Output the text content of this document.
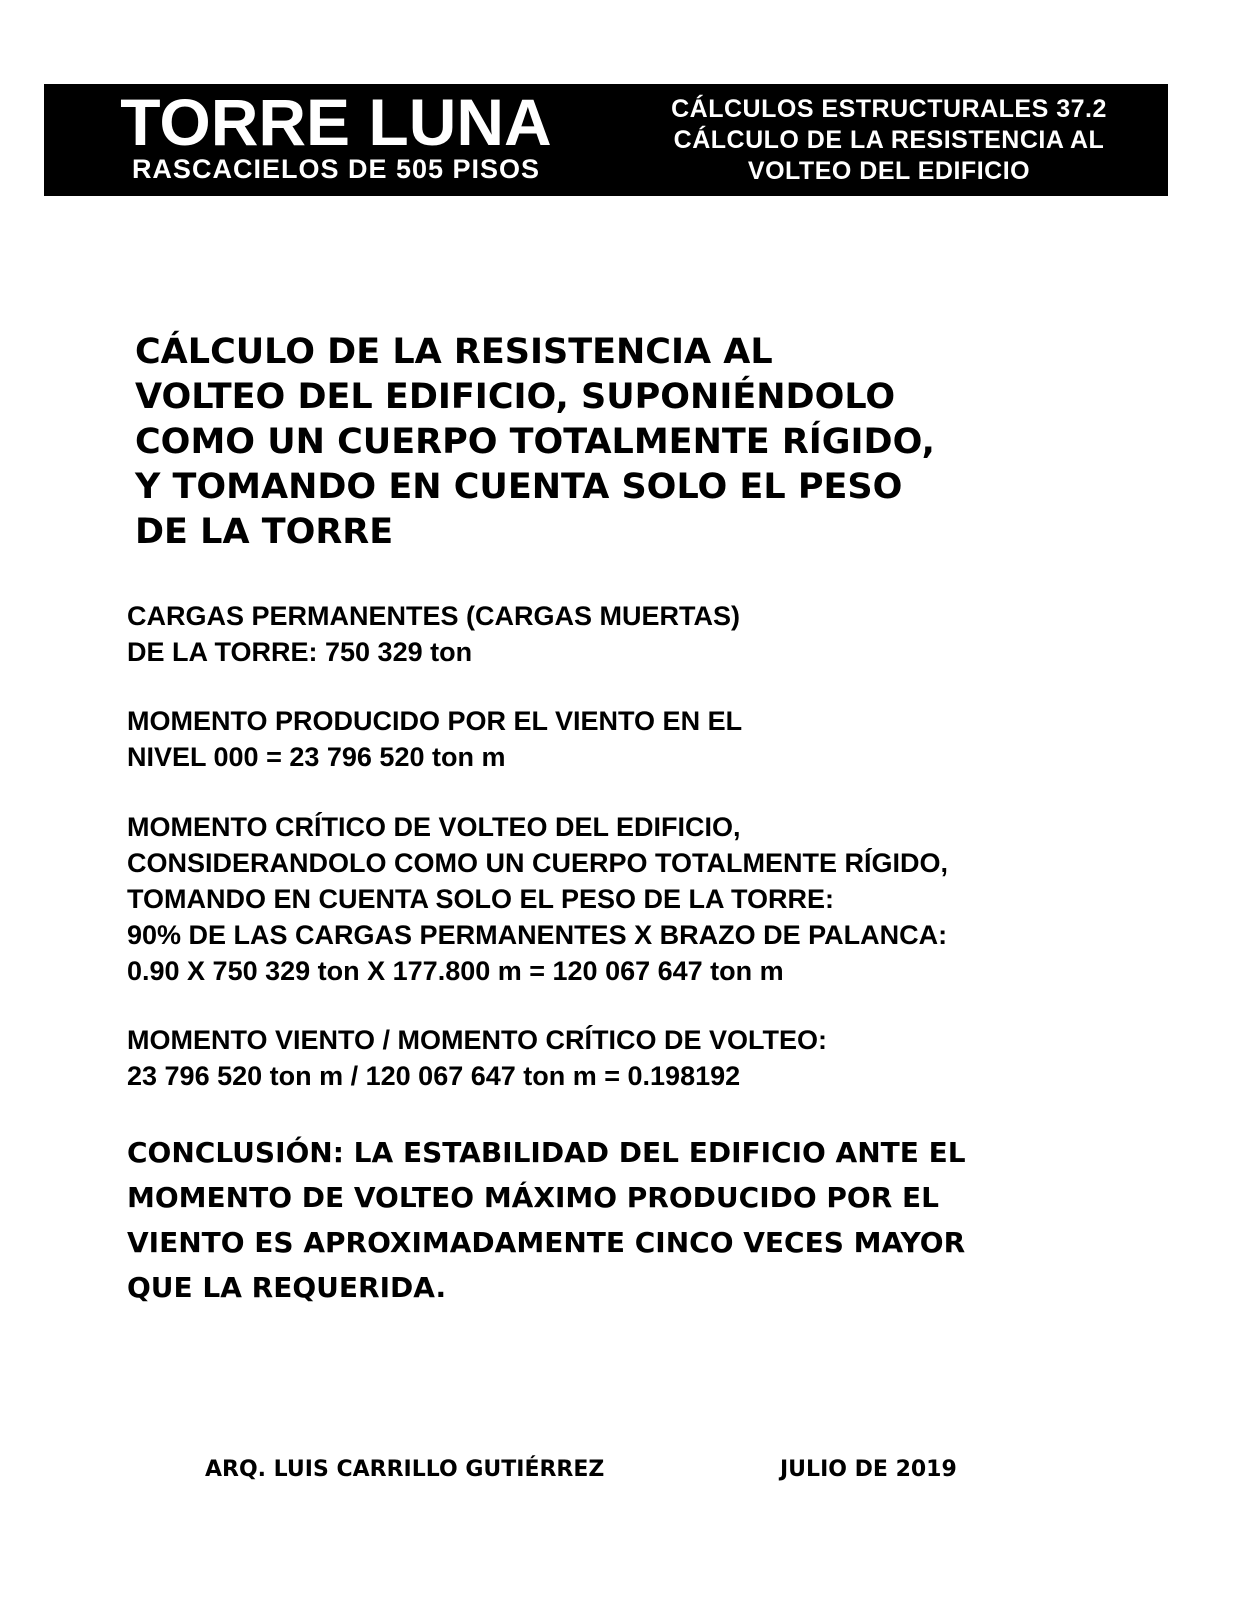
TORRE LUNA
RASCACIELOS DE 505 PISOS
CÁLCULOS ESTRUCTURALES 37.2
CÁLCULO DE LA RESISTENCIA AL
VOLTEO DEL EDIFICIO
CÁLCULO DE LA RESISTENCIA AL
VOLTEO DEL EDIFICIO, SUPONIÉNDOLO
COMO UN CUERPO TOTALMENTE RÍGIDO,
Y TOMANDO EN CUENTA SOLO EL PESO
DE LA TORRE
CARGAS PERMANENTES (CARGAS MUERTAS)
DE LA TORRE: 750 329 ton
MOMENTO PRODUCIDO POR EL VIENTO EN EL
NIVEL 000 = 23 796 520 ton m
MOMENTO CRÍTICO DE VOLTEO DEL EDIFICIO,
CONSIDERANDOLO COMO UN CUERPO TOTALMENTE RÍGIDO,
TOMANDO EN CUENTA SOLO EL PESO DE LA TORRE:
90% DE LAS CARGAS PERMANENTES X BRAZO DE PALANCA:
0.90 X 750 329 ton X 177.800 m = 120 067 647 ton m
MOMENTO VIENTO / MOMENTO CRÍTICO DE VOLTEO:
23 796 520 ton m / 120 067 647 ton m = 0.198192
CONCLUSIÓN: LA ESTABILIDAD DEL EDIFICIO ANTE EL
MOMENTO DE VOLTEO MÁXIMO PRODUCIDO POR EL
VIENTO ES APROXIMADAMENTE CINCO VECES MAYOR
QUE LA REQUERIDA.
ARQ. LUIS CARRILLO GUTIÉRREZ	JULIO DE 2019
